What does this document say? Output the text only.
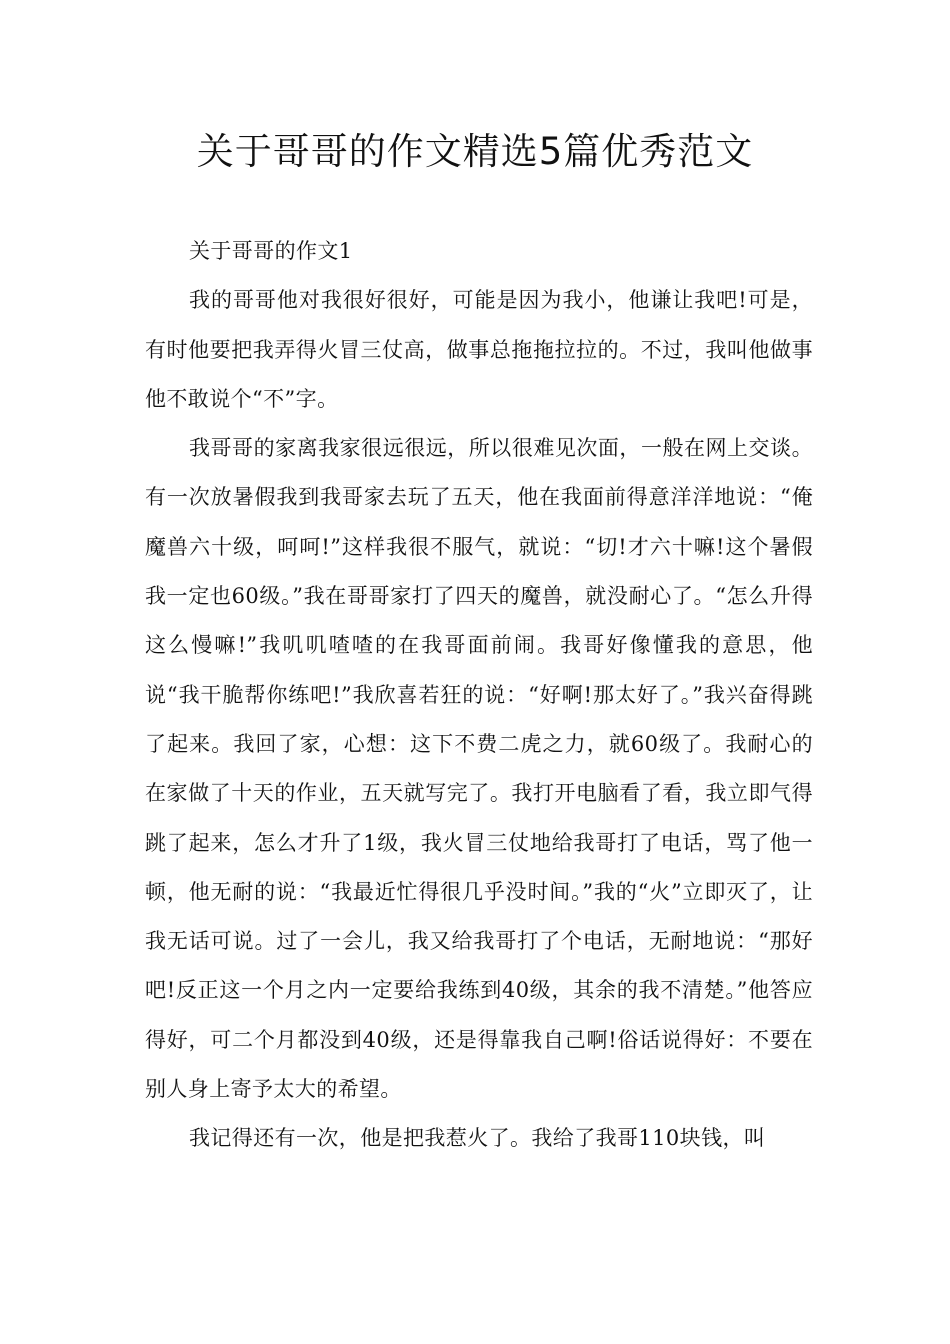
关于哥哥的作文精选5篇优秀范文

关于哥哥的作文1

我的哥哥他对我很好很好，可能是因为我小，他谦让我吧!可是，有时他要把我弄得火冒三仗高，做事总拖拖拉拉的。不过，我叫他做事他不敢说个“不”字。

我哥哥的家离我家很远很远，所以很难见次面，一般在网上交谈。有一次放暑假我到我哥家去玩了五天，他在我面前得意洋洋地说：“俺魔兽六十级，呵呵!”这样我很不服气，就说：“切!才六十嘛!这个暑假我一定也60级。”我在哥哥家打了四天的魔兽，就没耐心了。“怎么升得这么慢嘛!”我叽叽喳喳的在我哥面前闹。我哥好像懂我的意思，他说“我干脆帮你练吧!”我欣喜若狂的说：“好啊!那太好了。”我兴奋得跳了起来。我回了家，心想：这下不费二虎之力，就60级了。我耐心的在家做了十天的作业，五天就写完了。我打开电脑看了看，我立即气得跳了起来，怎么才升了1级，我火冒三仗地给我哥打了电话，骂了他一顿，他无耐的说：“我最近忙得很几乎没时间。”我的“火”立即灭了，让我无话可说。过了一会儿，我又给我哥打了个电话，无耐地说：“那好吧!反正这一个月之内一定要给我练到40级，其余的我不清楚。”他答应得好，可二个月都没到40级，还是得靠我自己啊!俗话说得好：不要在别人身上寄予太大的希望。

我记得还有一次，他是把我惹火了。我给了我哥110块钱，叫
